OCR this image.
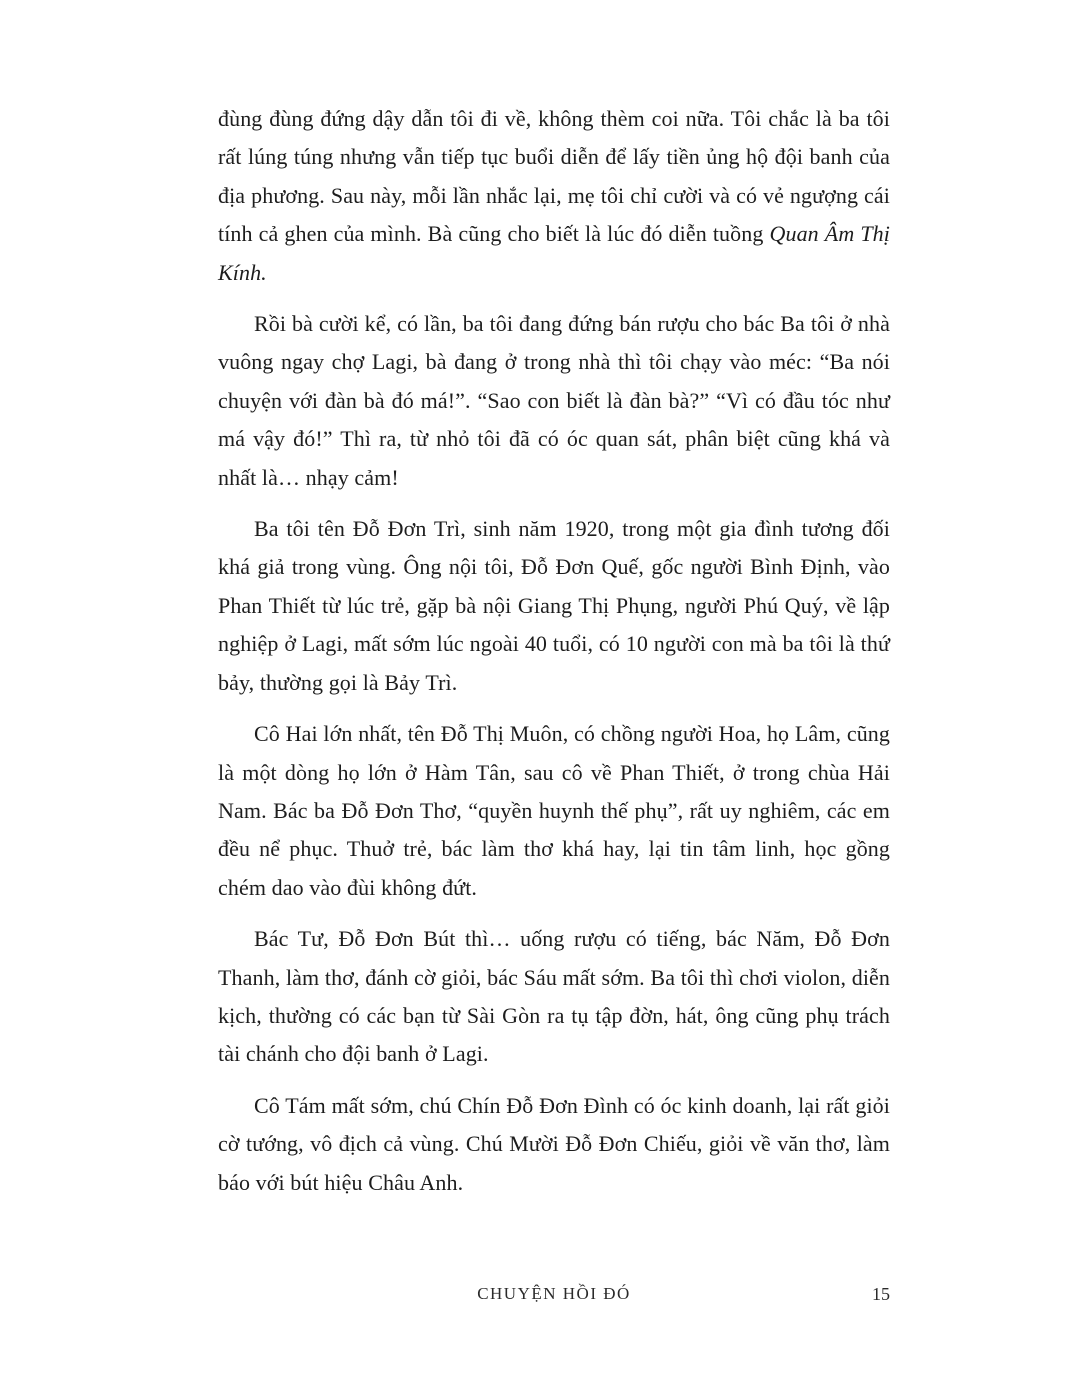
đùng đùng đứng dậy dẫn tôi đi về, không thèm coi nữa. Tôi chắc là ba tôi rất lúng túng nhưng vẫn tiếp tục buổi diễn để lấy tiền ủng hộ đội banh của địa phương. Sau này, mỗi lần nhắc lại, mẹ tôi chỉ cười và có vẻ ngượng cái tính cả ghen của mình. Bà cũng cho biết là lúc đó diễn tuồng Quan Âm Thị Kính.

Rồi bà cười kể, có lần, ba tôi đang đứng bán rượu cho bác Ba tôi ở nhà vuông ngay chợ Lagi, bà đang ở trong nhà thì tôi chạy vào méc: “Ba nói chuyện với đàn bà đó má!”. “Sao con biết là đàn bà?” “Vì có đầu tóc như má vậy đó!” Thì ra, từ nhỏ tôi đã có óc quan sát, phân biệt cũng khá và nhất là… nhạy cảm!

Ba tôi tên Đỗ Đơn Trì, sinh năm 1920, trong một gia đình tương đối khá giả trong vùng. Ông nội tôi, Đỗ Đơn Quế, gốc người Bình Định, vào Phan Thiết từ lúc trẻ, gặp bà nội Giang Thị Phụng, người Phú Quý, về lập nghiệp ở Lagi, mất sớm lúc ngoài 40 tuổi, có 10 người con mà ba tôi là thứ bảy, thường gọi là Bảy Trì.

Cô Hai lớn nhất, tên Đỗ Thị Muôn, có chồng người Hoa, họ Lâm, cũng là một dòng họ lớn ở Hàm Tân, sau cô về Phan Thiết, ở trong chùa Hải Nam. Bác ba Đỗ Đơn Thơ, “quyền huynh thế phụ”, rất uy nghiêm, các em đều nể phục. Thuở trẻ, bác làm thơ khá hay, lại tin tâm linh, học gồng chém dao vào đùi không đứt.

Bác Tư, Đỗ Đơn Bút thì… uống rượu có tiếng, bác Năm, Đỗ Đơn Thanh, làm thơ, đánh cờ giỏi, bác Sáu mất sớm. Ba tôi thì chơi violon, diễn kịch, thường có các bạn từ Sài Gòn ra tụ tập đờn, hát, ông cũng phụ trách tài chánh cho đội banh ở Lagi.

Cô Tám mất sớm, chú Chín Đỗ Đơn Đình có óc kinh doanh, lại rất giỏi cờ tướng, vô địch cả vùng. Chú Mười Đỗ Đơn Chiếu, giỏi về văn thơ, làm báo với bút hiệu Châu Anh.

CHUYỆN HỒI ĐÓ	15
